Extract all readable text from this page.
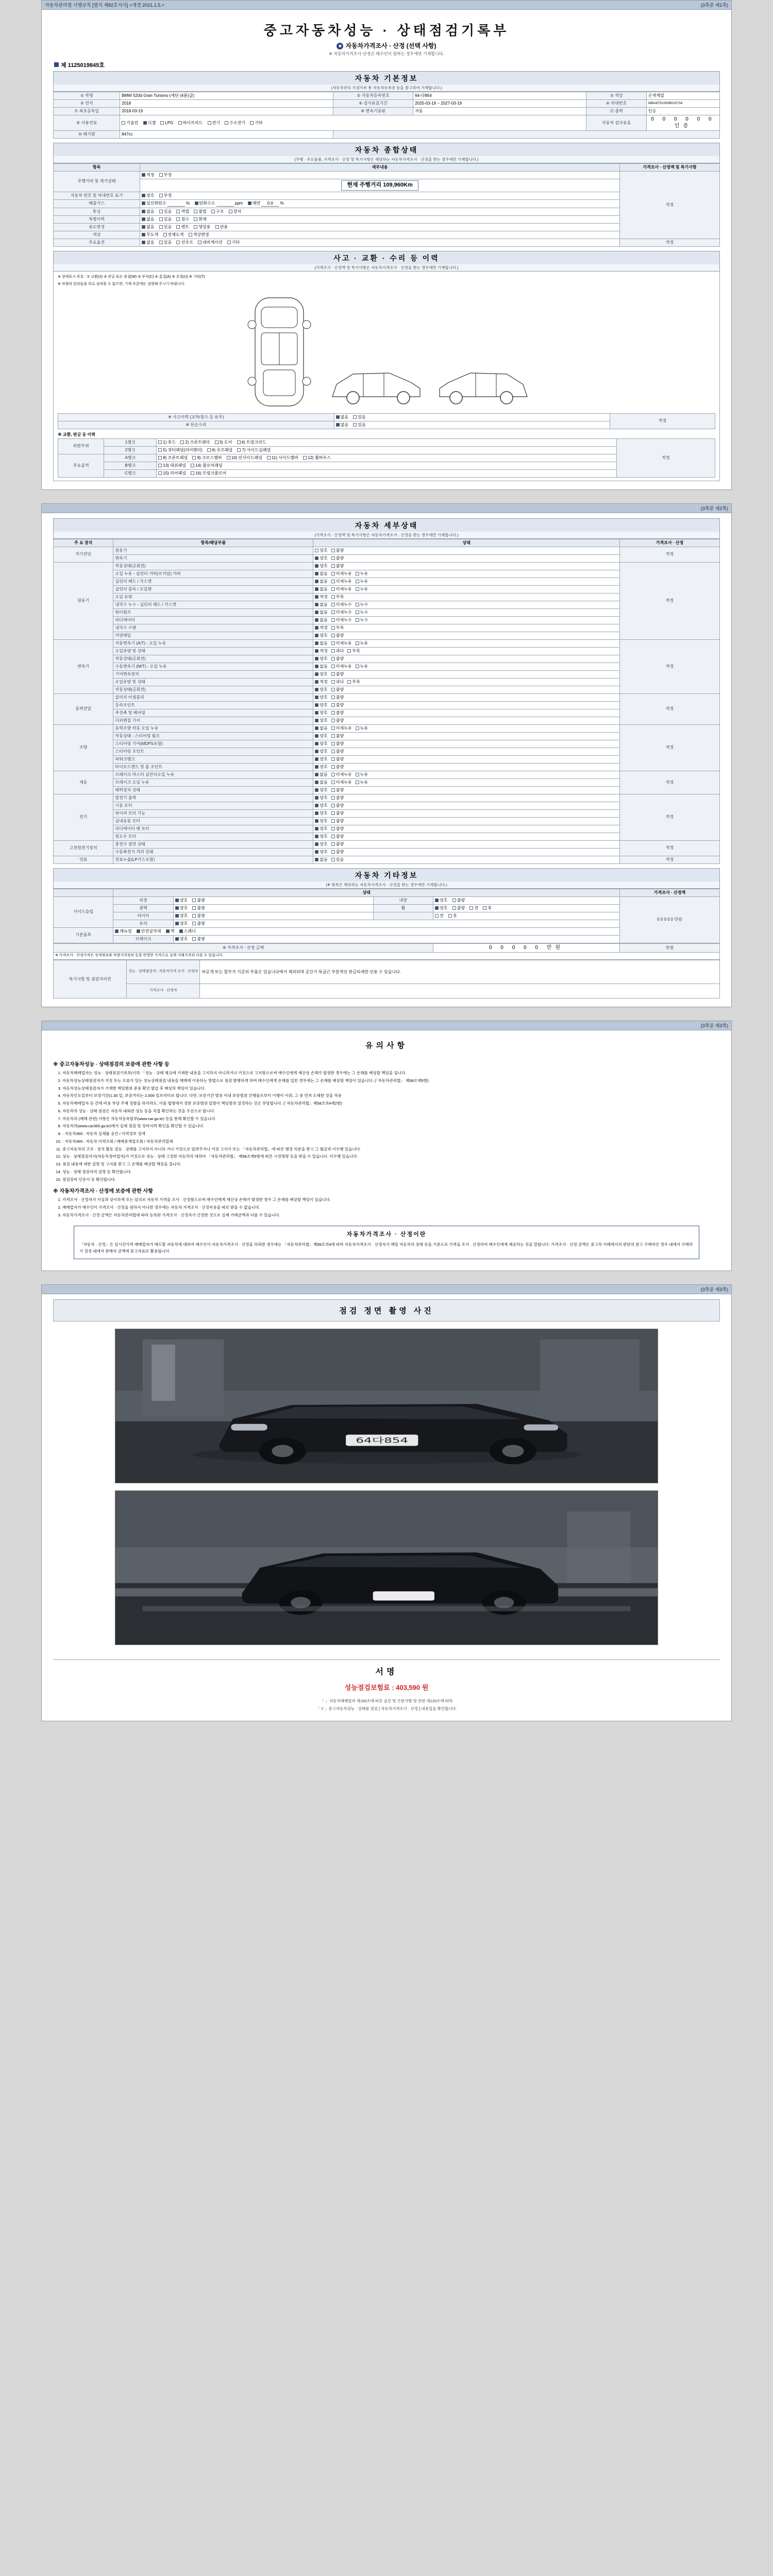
자동차관리법 시행규칙 [별지 제82호서식] <개정 2021.1.5.>	(3쪽중 제1쪽)
중고자동차성능 · 상태점검기록부
■ 자동차가격조사 · 산정 (선택 사항)
※ 자동차가격조사·산정은 매수인이 원하는 경우에만 기재합니다.
제 1125019845호
자동차 기본정보
(자동차관리 가겸가록 통 자동차등록증 등을 참고하여 기재합니다.)
① 차명	BMW 520d Gran Turismo (세단 (4륜)급)	② 자동차등록번호	64-다854	③ 색상	은색계열
⑤ 연식	2018	⑥ 검사유효기간	2025-03-19 ~ 2027-03-19	④ 차대번호	WBA6T51000B015734
⑦ 최초등록일	2018-03-19	⑧ 변속기종류	자동	⑪ 출력	인승
⑨ 사용연료	가솔린 디젤 LPG 하이브리드 전기 수소전기 기타			자동차 검사유효	0 0 0 0 0 0 인증
⑩ 배기량	847cc				
자동차 종합상태
(주행 · 주요물품, 가격조사 · 산정 및 특기사항은 해당하는 자동차가격조사 · 산정을 받는 경우에만 기재합니다.)
항목	세부내용	가격조사 · 산정액 및 특기사항
주행거리 및 계기상태	적정 부정	적정
	현재 주행거리 109,960Km	
자동차 번호 및 차대번호 표기	양호 부정	
배출가스	일산화탄소 % 탄화수소 ppm 매연 0.0 %	
튜닝	없음 있음 적법 불법 구조 장치	
특별이력	없음 있음 침수 화재	
용도변경	없음 있음 렌트 영업용 관용	
색상	무도색 전체도색 색상변경	
주요옵션	없음 있음 선루프 내비게이션 기타	적정
사고 · 교환 · 수리 등 이력
(가격조사 · 산정액 및 특기사항은 자동차가격조사 · 산정을 받는 경우에만 기재합니다.)
※ 상태표시 부호 : ① 교환(X) ② 판금 또는 용접(W) ③ 부식(C) ④ 흠집(A) ⑤ 요철(U) ⑥ 기타(T)
※ 차량의 앞뒤들을 위로 살펴볼 수 없으면, 기재 부분에는 설명해 주시기 바랍니다.
※ 사고이력 (교차/침수 등 유무)	없음 있음	적정
※ 단순수리	없음 있음	
※ 교환, 판금 등 이력
외판부위	1랭크	1) 후드 2) 프론트팬더 3) 도어 4) 트렁크리드	적정
	2랭크	5) 쿼터패널(리어팬더) 6) 루프패널 7) 사이드실패널	
주요골격	A랭크	8) 프론트패널 9) 크로스멤버 10) 인사이드패널 11) 사이드멤버 12) 휠하우스	
	B랭크	13) 대쉬패널 14) 플로어패널	
	C랭크	15) 리어패널 16) 트렁크플로어	
(3쪽중 제2쪽)
자동차 세부상태
(가격조사 · 산정액 및 특기사항은 자동차가격조사 · 산정을 받는 경우에만 기재합니다.)
주 요 장치	항목/해당부품	상태	가격조사 · 산정
자기진단	원동기	양호 불량	적정
	변속기	양호 불량	
원동기	작동상태(공회전)	양호 불량	적정
	오일 누유 - 실린더 커버(로커암) 커버	없음 미세누유 누유	
	실린더 헤드 / 가스켓	없음 미세누유 누유	
	실린더 블록 / 오일팬	없음 미세누유 누유	
	오일 유량	적정 부족	
	냉각수 누수 - 실린더 헤드 / 가스켓	없음 미세누수 누수	
	워터펌프	없음 미세누수 누수	
	라디에이터	없음 미세누수 누수	
	냉각수 수량	적정 부족	
	커먼레일	양호 불량	
변속기	자동변속기 (A/T) - 오일 누유	없음 미세누유 누유	적정
	오일유량 및 상태	적정 과다 부족	
	작동상태(공회전)	양호 불량	
	수동변속기 (M/T) - 오일 누유	없음 미세누유 누유	
	기어변속장치	양호 불량	
	오일유량 및 상태	적정 과다 부족	
	작동상태(공회전)	양호 불량	
동력전달	클러치 어셈블리	양호 불량	적정
	등속조인트	양호 불량	
	추진축 및 베어링	양호 불량	
	디퍼렌셜 기어	양호 불량	
조향	동력조향 작동 오일 누유	없음 미세누유 누유	적정
	작동상태 - 스티어링 펌프	양호 불량	
	스티어링 기어(MDPS포함)	양호 불량	
	스티어링 조인트	양호 불량	
	파워크랭크	양호 불량	
	타이로드엔드 및 볼 조인트	양호 불량	
제동	브레이크 마스터 실린더오일 누유	없음 미세누유 누유	적정
	브레이크 오일 누유	없음 미세누유 누유	
	배력장치 상태	양호 불량	
전기	발전기 출력	양호 불량	적정
	시동 모터	양호 불량	
	와이퍼 모터 기능	양호 불량	
	실내송풍 모터	양호 불량	
	라디에이터 팬 모터	양호 불량	
	윈도우 모터	양호 불량	
고전원전기장치	충전구 절연 상태	양호 불량	적정
	구동축전지 격리 상태	양호 불량	
연료	연료누출(LP가스포함)	없음 있음	적정
자동차 기타정보
(※ 항목은 해당하는 자동차가격조사 · 산정을 받는 경우에만 기재합니다.)
	상태				가격조사 · 산정액
사이드슬립	외장	양호 불량	내장	양호 불량	0 0 0 0 0 만원
	광택	양호 불량	휠	양호 불량 전 후	
	타이어	양호 불량		전 후	
	유리	양호 불량			
기본품목	매뉴얼 안전삼각대 잭 스패너				
	브레이크	양호 불량			
※ 가격조사 · 산정 금액	0 0 0 0 0 만원	만원
※ 가격조사 · 산정가격은 상세정보와 차량가격정보 등을 반영한 가격으로 실제 거래가격과 다를 수 있습니다.
특기사항 및 점검자의견	성능 · 상태점검자 : 자동차가격 조사 · 산정자	비공개 또는 할부가 기준의 부품은 있습니다에서 제외되며 공간기 특급근 부분적인 판금되세한 인용 수 있습니다.
	가격조사 · 산정자	
(3쪽중 제3쪽)
유의사항
※ 중고자동차성능 · 상태점검의 보증에 관한 사항 등
1. 자동차매매업자는 성능 · 상태점검기록부(이하 「성능 · 상태 체크에 기재한 내용을 고지하지 아니하거나 거짓으로 고지함으로써 매수인에게 재산상 손해가 발생한 경우에는 그 손해를 배상할 책임을 집니다.
2. 자동차성능상태점검자가 거짓 또는 오류가 있는 성능상태점검 내용을 매매에 이용하는 방법으로 점검 발행하게 하여 매수인에게 손해를 입힌 경우에는 그 손해를 배상할 책임이 있습니다. (「자동차관리법」 제58조제5항)
3. 자동차성능상태점검자가 기재한 책임범위 준용 확인 발급 후 배상의 책임이 있습니다.
4. 자동차인도일부터 보장기간(1.30 일, 보증거리는 2,000 킬로미터로 합니다. 다만, 보증기간 범위 이내 보증범위 간행물로부터 이행이 이뤄, 그 중 먼저 도래한 것을 적용
5. 자동차매매업자 등 간에 비용 부담 주체 정함을 하더라도, 이를 법령에서 정한 보증범위 일방이 책임범위 설정하는 것은 부당합니다. (「자동차관리법」제58조의4제2항)
6. 자동차의 성능 · 상태 점검은 자동차 내외관 성능 등을 직접 확인하는 것을 우선으로 합니다.
7. 자동차의 (매매 관련) 사항은 자동차등록원부(www.car.go.kr) 등을 통해 확인할 수 있습니다.
8. 자동차의(www.car365.go.kr)에서 실제 점검 및 정비이력 확인을 확인할 수 있습니다.
9. · 자동차365 : 자동차 실제품 공간 / 이력정보 검색
10. · 자동차365 : 자동차 이력조회 / 매매중개업조회 / 자동차관리업체
11. 중고자동차의 구조 · 장치 활동 검등 · 상태를 고지하지 아니하 거나 거짓으로 알려주거나 거짓 고지가 또는 「자동차관리법」에 따른 행정 처분을 받고 그 벌금과 이수행 있습니다.
12. 성능 · 상태점검자가(자동차정비업자)가 거짓으로 성능 · 상태 고정한 자동차의 대하여 「자동차관리법」 제58조제5항에 따른 시정명령 등을 받을 수 있습니다. 이수행 있습니다.
13. 점검 내용에 대한 설명 및 고지를 받고 그 손해를 배상할 책임을 집니다.
14. 성능 · 상태 점검자의 설명 등 확인합니다.
15. 점검장비 인증서 등 확인합니다.
※ 자동차가격조사 · 산정에 보증에 관한 사항
1. 가격조사 · 산정자가 사실과 상이하게 또는 임의로 자동차 가격을 조사 · 산정함으로써 매수인에게 재산상 손해가 발생한 경우 그 손해를 배상할 책임이 있습니다.
2. 매매업자가 매수인이 가격조사 · 산정을 원하지 아니한 경우에는 자동차 가격조사 · 산정비용을 따로 받을 수 없습니다.
3. 자동차가격조사 · 산정 금액은 자동차관리법에 따라 등록된 가격조사 · 산정자가 산정한 것으로 실제 거래금액과 다를 수 있습니다.
자동차가격조사 · 산정이란
「자동차 · 산정」은 실시간가격 매매업자가 매도할 자동차에 대하여 매수인이 자동차가격조사 · 산정을 의뢰한 경우에는 「자동차관리법」제58조의4에 따라 자동차가격조사 · 산정자가 해당 자동차의 상태 등을 기준으로 가격을 조사 · 산정하여 매수인에게 제공하는 것을 말합니다. 가격조사 · 산정 금액은 중고차 거래에서의 판단의 참고 구매자인 경우 내에서 구매하기 결정 내에서 판매자 금액에 참고자료로 활용됩니다.
(3쪽중 제3쪽)
점검 정면 촬영 사진
64다854
서명
성능점검보험료 : 403,590 원
「 」자동차매매업자 세150조에 따른 공간 및 구분사항 및 관련 세120조에 따라
「 Y 」중고자동차성능 · 상태를 점검 [ 자동차가격조사 · 산정 ] 내용입을 확인합니다.
